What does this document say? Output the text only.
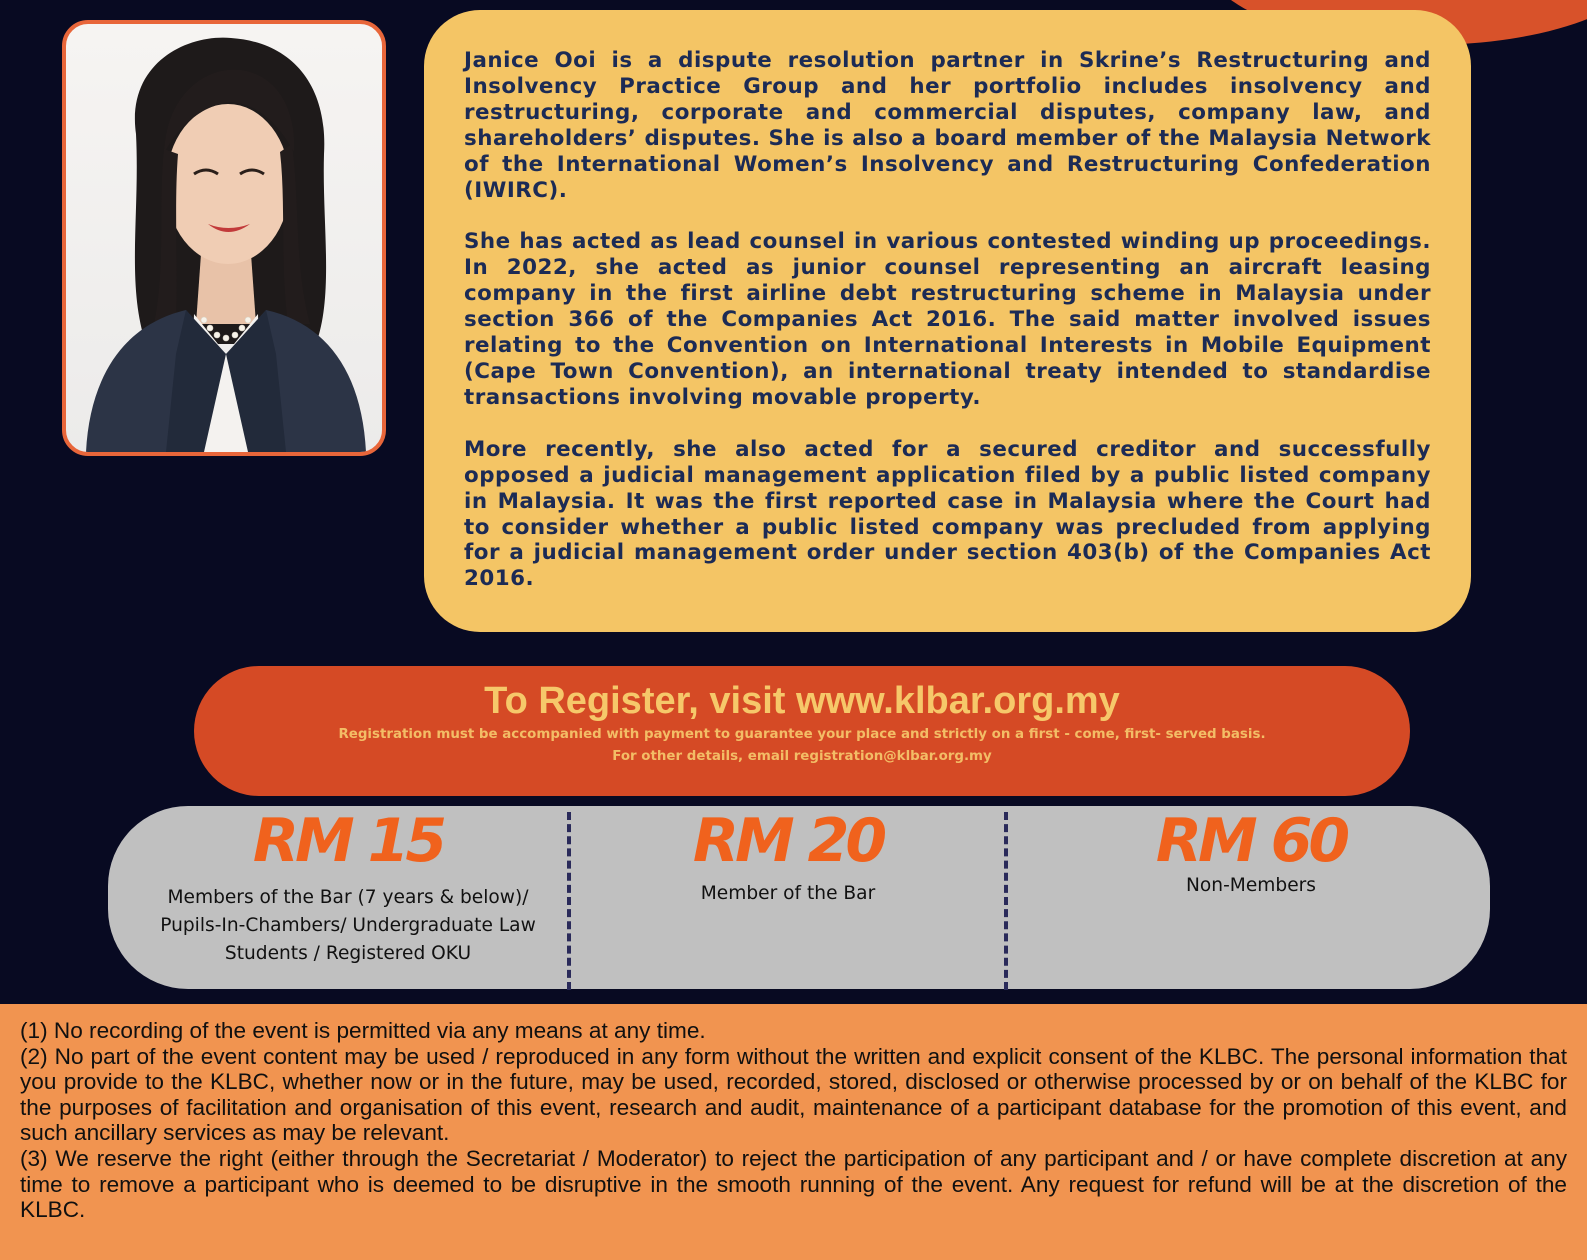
Janice Ooi is a dispute resolution partner in Skrine’s Restructuring and Insolvency Practice Group and her portfolio includes insolvency and restructuring, corporate and commercial disputes, company law, and shareholders’ disputes. She is also a board member of the Malaysia Network of the International Women’s Insolvency and Restructuring Confederation (IWIRC).

She has acted as lead counsel in various contested winding up proceedings. In 2022, she acted as junior counsel representing an aircraft leasing company in the first airline debt restructuring scheme in Malaysia under section 366 of the Companies Act 2016. The said matter involved issues relating to the Convention on International Interests in Mobile Equipment (Cape Town Convention), an international treaty intended to standardise transactions involving movable property.

More recently, she also acted for a secured creditor and successfully opposed a judicial management application filed by a public listed company in Malaysia. It was the first reported case in Malaysia where the Court had to consider whether a public listed company was precluded from applying for a judicial management order under section 403(b) of the Companies Act 2016.

To Register, visit www.klbar.org.my
Registration must be accompanied with payment to guarantee your place and strictly on a first - come, first- served basis.
For other details, email registration@klbar.org.my
RM 15
Members of the Bar (7 years & below)/
Pupils-In-Chambers/ Undergraduate Law
Students / Registered OKU
RM 20
Member of the Bar
RM 60
Non-Members

(1) No recording of the event is permitted via any means at any time.

(2) No part of the event content may be used / reproduced in any form without the written and explicit consent of the KLBC. The personal information that you provide to the KLBC, whether now or in the future, may be used, recorded, stored, disclosed or otherwise processed by or on behalf of the KLBC for the purposes of facilitation and organisation of this event, research and audit, maintenance of a participant database for the promotion of this event, and such ancillary services as may be relevant.

(3) We reserve the right (either through the Secretariat / Moderator) to reject the participation of any participant and / or have complete discretion at any time to remove a participant who is deemed to be disruptive in the smooth running of the event. Any request for refund will be at the discretion of the KLBC.
